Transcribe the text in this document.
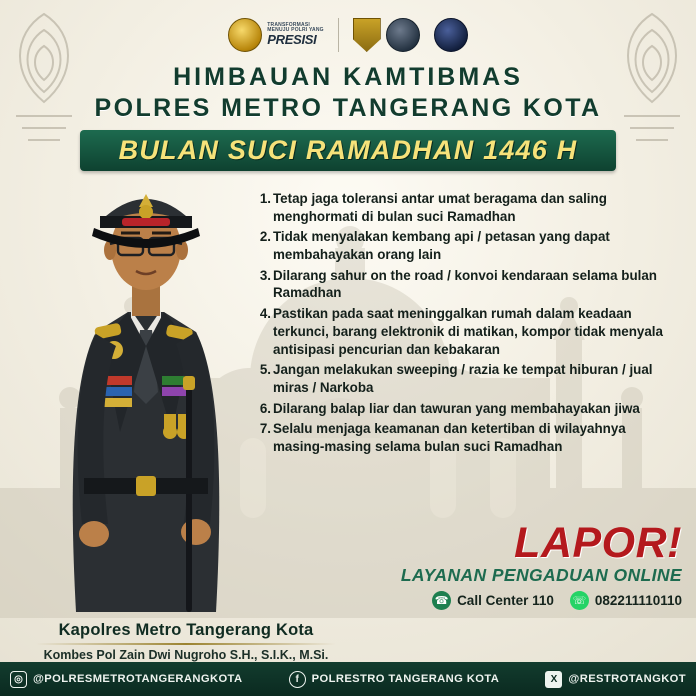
TRANSFORMASI
MENUJU POLRI YANG
PRESISI
HIMBAUAN KAMTIBMAS
POLRES METRO TANGERANG KOTA
BULAN SUCI RAMADHAN 1446 H
1. Tetap jaga toleransi antar umat beragama dan saling menghormati di bulan suci Ramadhan
2. Tidak menyalakan kembang api / petasan yang dapat membahayakan orang lain
3. Dilarang sahur on the road / konvoi kendaraan selama bulan Ramadhan
4. Pastikan pada saat meninggalkan rumah dalam keadaan terkunci, barang elektronik di matikan, kompor tidak menyala antisipasi pencurian dan kebakaran
5. Jangan melakukan sweeping / razia ke tempat hiburan / jual miras / Narkoba
6. Dilarang balap liar dan tawuran yang membahayakan jiwa
7. Selalu menjaga keamanan dan ketertiban di wilayahnya masing-masing selama bulan suci Ramadhan
Kapolres Metro Tangerang Kota
Kombes Pol Zain Dwi Nugroho S.H., S.I.K., M.Si.
LAPOR!
LAYANAN PENGADUAN ONLINE
☎ Call Center 110 ☏ 082211110110
◎ @POLRESMETROTANGERANGKOTA	f	POLRESTRO TANGERANG KOTA	X @RESTROTANGKOT
